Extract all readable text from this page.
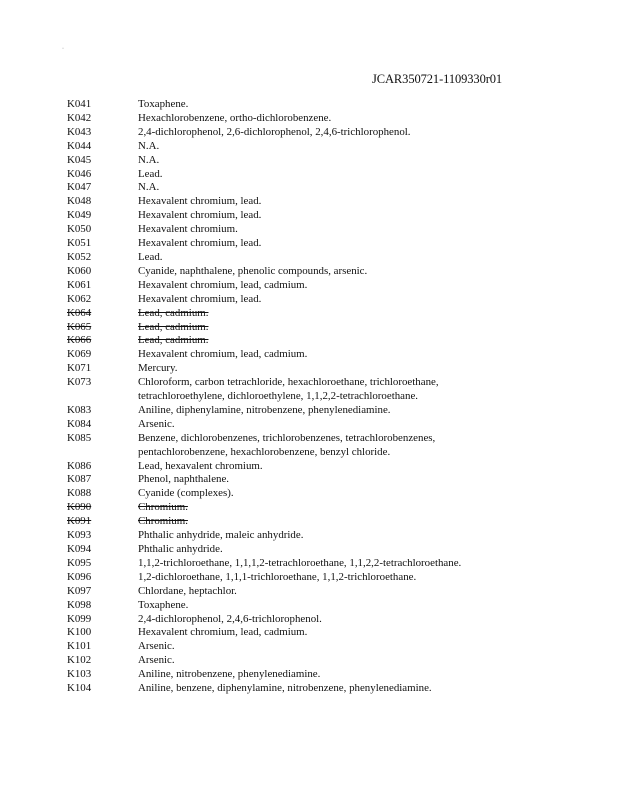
·
JCAR350721-1109330r01
K041	Toxaphene.
K042	Hexachlorobenzene, ortho-dichlorobenzene.
K043	2,4-dichlorophenol, 2,6-dichlorophenol, 2,4,6-trichlorophenol.
K044	N.A.
K045	N.A.
K046	Lead.
K047	N.A.
K048	Hexavalent chromium, lead.
K049	Hexavalent chromium, lead.
K050	Hexavalent chromium.
K051	Hexavalent chromium, lead.
K052	Lead.
K060	Cyanide, naphthalene, phenolic compounds, arsenic.
K061	Hexavalent chromium, lead, cadmium.
K062	Hexavalent chromium, lead.
K064	Lead, cadmium.
K065	Lead, cadmium.
K066	Lead, cadmium.
K069	Hexavalent chromium, lead, cadmium.
K071	Mercury.
K073	Chloroform, carbon tetrachloride, hexachloroethane, trichloroethane,
tetrachloroethylene, dichloroethylene, 1,1,2,2-tetrachloroethane.
K083	Aniline, diphenylamine, nitrobenzene, phenylenediamine.
K084	Arsenic.
K085	Benzene, dichlorobenzenes, trichlorobenzenes, tetrachlorobenzenes,
pentachlorobenzene, hexachlorobenzene, benzyl chloride.
K086	Lead, hexavalent chromium.
K087	Phenol, naphthalene.
K088	Cyanide (complexes).
K090	Chromium.
K091	Chromium.
K093	Phthalic anhydride, maleic anhydride.
K094	Phthalic anhydride.
K095	1,1,2-trichloroethane, 1,1,1,2-tetrachloroethane, 1,1,2,2-tetrachloroethane.
K096	1,2-dichloroethane, 1,1,1-trichloroethane, 1,1,2-trichloroethane.
K097	Chlordane, heptachlor.
K098	Toxaphene.
K099	2,4-dichlorophenol, 2,4,6-trichlorophenol.
K100	Hexavalent chromium, lead, cadmium.
K101	Arsenic.
K102	Arsenic.
K103	Aniline, nitrobenzene, phenylenediamine.
K104	Aniline, benzene, diphenylamine, nitrobenzene, phenylenediamine.
